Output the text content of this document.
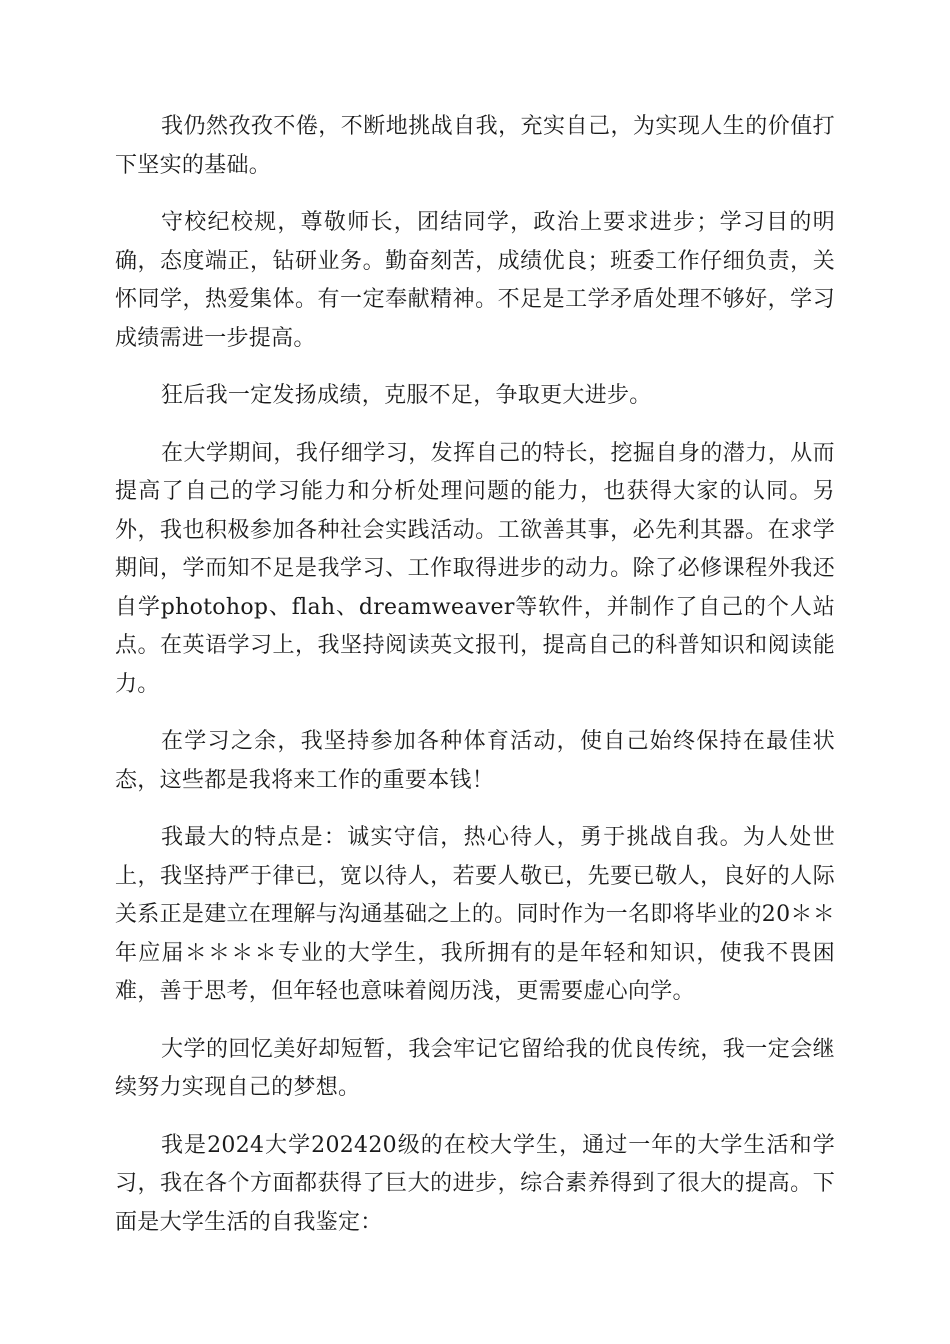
我仍然孜孜不倦，不断地挑战自我，充实自己，为实现人生的价值打下坚实的基础。

守校纪校规，尊敬师长，团结同学，政治上要求进步；学习目的明确，态度端正，钻研业务。勤奋刻苦，成绩优良；班委工作仔细负责，关怀同学，热爱集体。有一定奉献精神。不足是工学矛盾处理不够好，学习成绩需进一步提高。

狂后我一定发扬成绩，克服不足，争取更大进步。

在大学期间，我仔细学习，发挥自己的特长，挖掘自身的潜力，从而提高了自己的学习能力和分析处理问题的能力，也获得大家的认同。另外，我也积极参加各种社会实践活动。工欲善其事，必先利其器。在求学期间，学而知不足是我学习、工作取得进步的动力。除了必修课程外我还自学photohop、flah、dreamweaver等软件，并制作了自己的个人站点。在英语学习上，我坚持阅读英文报刊，提高自己的科普知识和阅读能力。

在学习之余，我坚持参加各种体育活动，使自己始终保持在最佳状态，这些都是我将来工作的重要本钱！

我最大的特点是：诚实守信，热心待人，勇于挑战自我。为人处世上，我坚持严于律已，宽以待人，若要人敬已，先要已敬人，良好的人际关系正是建立在理解与沟通基础之上的。同时作为一名即将毕业的20＊＊年应届＊＊＊＊专业的大学生，我所拥有的是年轻和知识，使我不畏困难，善于思考，但年轻也意味着阅历浅，更需要虚心向学。

大学的回忆美好却短暂，我会牢记它留给我的优良传统，我一定会继续努力实现自己的梦想。

我是2024大学202420级的在校大学生，通过一年的大学生活和学习，我在各个方面都获得了巨大的进步，综合素养得到了很大的提高。下面是大学生活的自我鉴定：
